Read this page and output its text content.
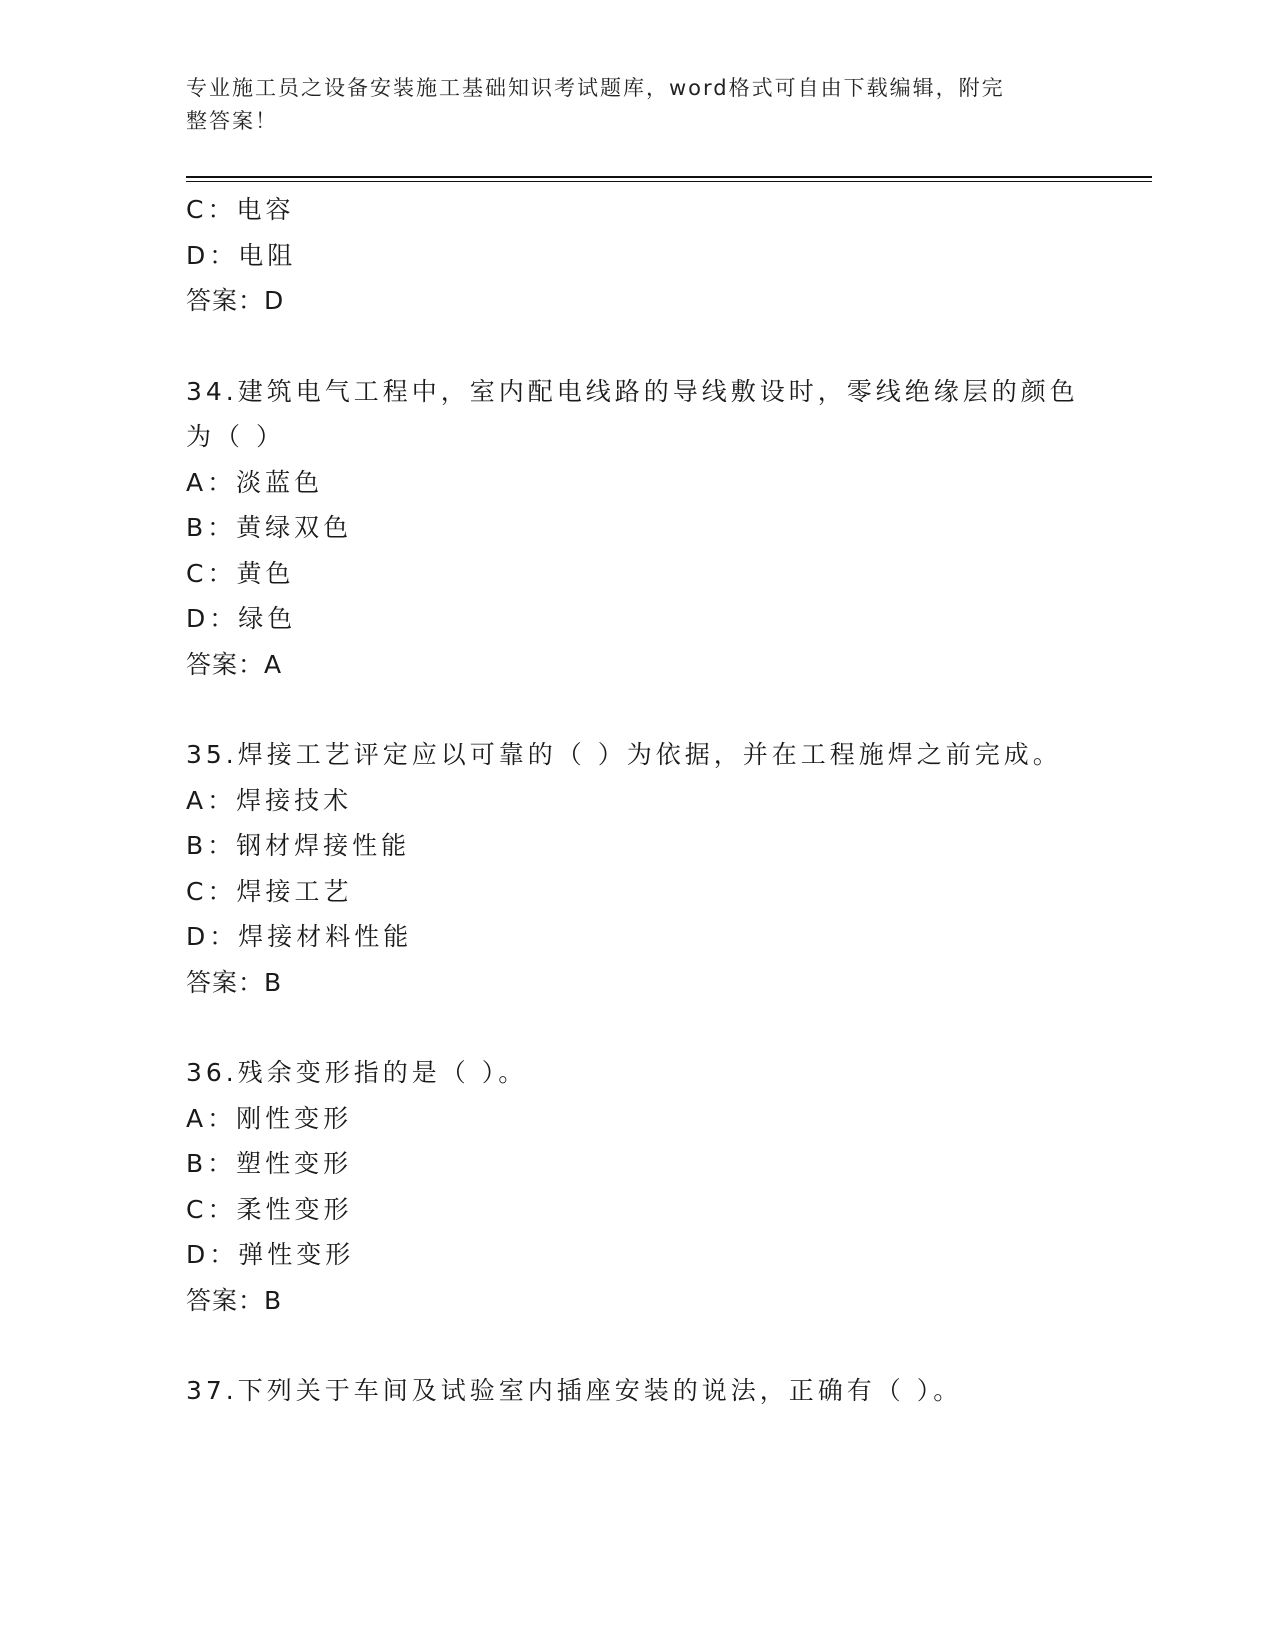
专业施工员之设备安装施工基础知识考试题库，word格式可自由下载编辑，附完
整答案！
C：电容
D：电阻
答案：D
34.建筑电气工程中，室内配电线路的导线敷设时，零线绝缘层的颜色
为（ ）
A：淡蓝色
B：黄绿双色
C：黄色
D：绿色
答案：A
35.焊接工艺评定应以可靠的（ ）为依据，并在工程施焊之前完成。
A：焊接技术
B：钢材焊接性能
C：焊接工艺
D：焊接材料性能
答案：B
36.残余变形指的是（ ）。
A：刚性变形
B：塑性变形
C：柔性变形
D：弹性变形
答案：B
37.下列关于车间及试验室内插座安装的说法，正确有（ ）。
